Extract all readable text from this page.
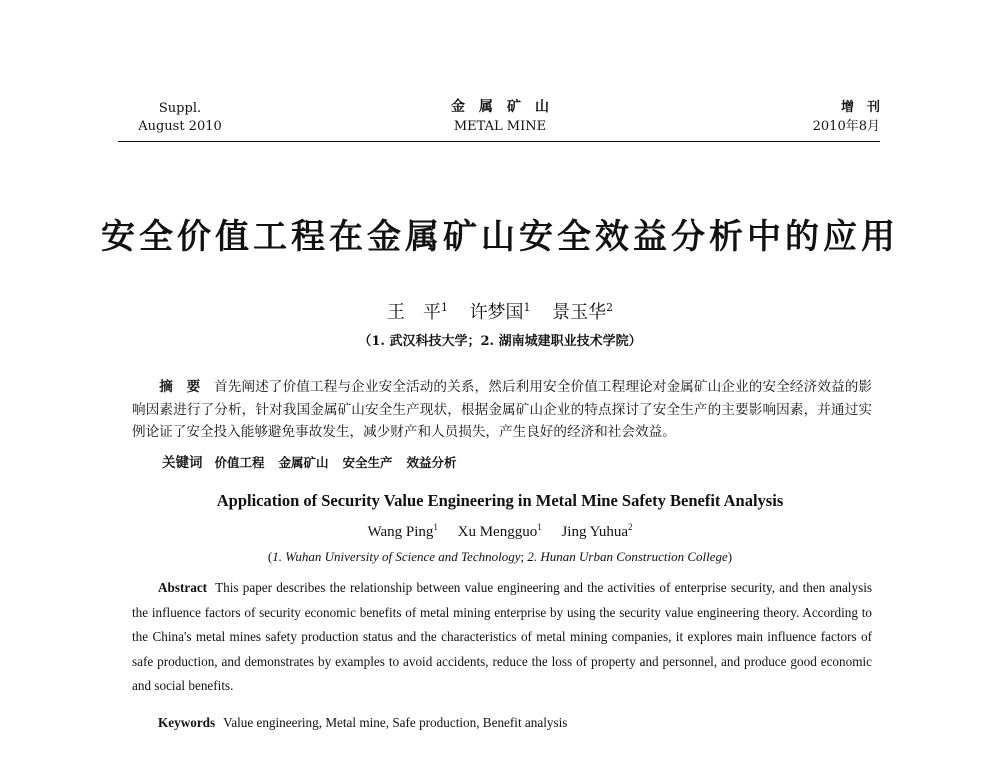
Suppl.
August 2010
金　属　矿　山
METAL MINE
增　刊
2010年8月
安全价值工程在金属矿山安全效益分析中的应用
王　平$^1$ 许梦国$^1$ 景玉华$^2$
（1. 武汉科技大学；2. 湖南城建职业技术学院）
摘　要　 首先阐述了价值工程与企业安全活动的关系，然后利用安全价值工程理论对金属矿山企业的安全经济效益的影响因素进行了分析，针对我国金属矿山安全生产现状，根据金属矿山企业的特点探讨了安全生产的主要影响因素，并通过实例论证了安全投入能够避免事故发生，减少财产和人员损失，产生良好的经济和社会效益。
关键词 价值工程 金属矿山 安全生产 效益分析
Application of Security Value Engineering in Metal Mine Safety Benefit Analysis
Wang Ping$^1$ Xu Mengguo$^1$ Jing Yuhua$^2$
(1. Wuhan University of Science and Technology; 2. Hunan Urban Construction College)
Abstract This paper describes the relationship between value engineering and the activities of enterprise security, and then analysis the influence factors of security economic benefits of metal mining enterprise by using the security value engineering theory. According to the China's metal mines safety production status and the characteristics of metal mining companies, it explores main influence factors of safe production, and demonstrates by examples to avoid accidents, reduce the loss of property and personnel, and produce good economic and social benefits.
Keywords Value engineering, Metal mine, Safe production, Benefit analysis
